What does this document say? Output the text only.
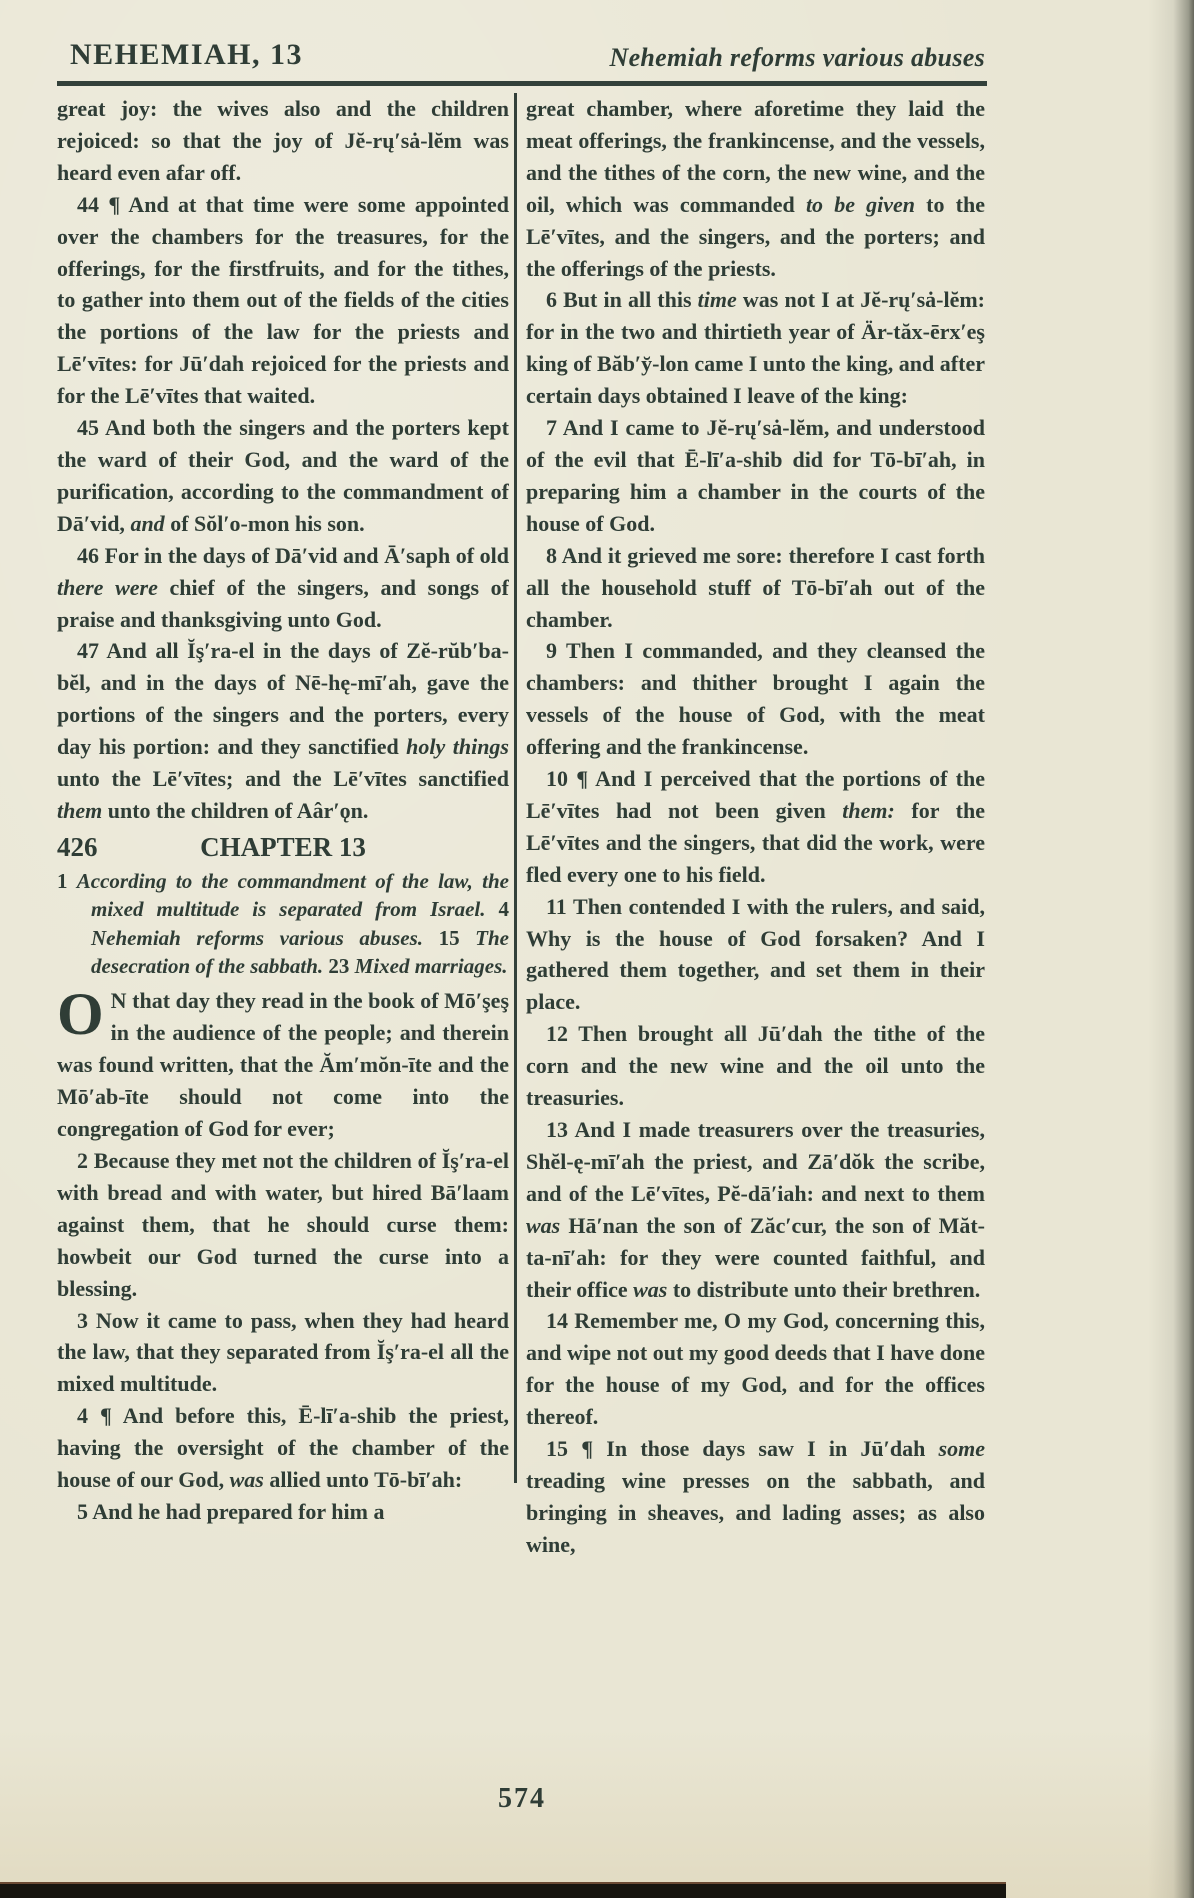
NEHEMIAH, 13	Nehemiah reforms various abuses

great joy: the wives also and the children rejoiced: so that the joy of Jĕ-rų′sȧ-lĕm was heard even afar off.

44 ¶ And at that time were some appointed over the chambers for the treasures, for the offerings, for the firstfruits, and for the tithes, to gather into them out of the fields of the cities the portions of the law for the priests and Lē′vītes: for Jū′dah rejoiced for the priests and for the Lē′vītes that waited.

45 And both the singers and the porters kept the ward of their God, and the ward of the purification, according to the commandment of Dā′vid, and of Sŏl′o-mon his son.

46 For in the days of Dā′vid and Ā′saph of old there were chief of the singers, and songs of praise and thanksgiving unto God.

47 And all Ĭş′ra-el in the days of Zĕ-rŭb′ba-bĕl, and in the days of Nē-hę-mī′ah, gave the portions of the singers and the porters, every day his portion: and they sanctified holy things unto the Lē′vītes; and the Lē′vītes sanctified them unto the children of Aâr′ǫn.

426	CHAPTER 13

1 According to the commandment of the law, the mixed multitude is separated from Israel. 4 Nehemiah reforms various abuses. 15 The desecration of the sabbath. 23 Mixed marriages.

O N that day they read in the book of Mō′şeş in the audience of the people; and therein was found written, that the Ăm′mŏn-īte and the Mō′ab-īte should not come into the congregation of God for ever;

2 Because they met not the children of Ĭş′ra-el with bread and with water, but hired Bā′laam against them, that he should curse them: howbeit our God turned the curse into a blessing.

3 Now it came to pass, when they had heard the law, that they separated from Ĭş′ra-el all the mixed multitude.

4 ¶ And before this, Ē-lī′a-shib the priest, having the oversight of the chamber of the house of our God, was allied unto Tō-bī′ah:

5 And he had prepared for him a

great chamber, where aforetime they laid the meat offerings, the frankincense, and the vessels, and the tithes of the corn, the new wine, and the oil, which was commanded to be given to the Lē′vītes, and the singers, and the porters; and the offerings of the priests.

6 But in all this time was not I at Jĕ-rų′sȧ-lĕm: for in the two and thirtieth year of Är-tăx-ērx′eş king of Băb′y̆-lon came I unto the king, and after certain days obtained I leave of the king:

7 And I came to Jĕ-rų′sȧ-lĕm, and understood of the evil that Ē-lī′a-shib did for Tō-bī′ah, in preparing him a chamber in the courts of the house of God.

8 And it grieved me sore: therefore I cast forth all the household stuff of Tō-bī′ah out of the chamber.

9 Then I commanded, and they cleansed the chambers: and thither brought I again the vessels of the house of God, with the meat offering and the frankincense.

10 ¶ And I perceived that the portions of the Lē′vītes had not been given them: for the Lē′vītes and the singers, that did the work, were fled every one to his field.

11 Then contended I with the rulers, and said, Why is the house of God forsaken? And I gathered them together, and set them in their place.

12 Then brought all Jū′dah the tithe of the corn and the new wine and the oil unto the treasuries.

13 And I made treasurers over the treasuries, Shĕl-ę-mī′ah the priest, and Zā′dŏk the scribe, and of the Lē′vītes, Pĕ-dā′iah: and next to them was Hā′nan the son of Zăc′cur, the son of Măt-ta-nī′ah: for they were counted faithful, and their office was to distribute unto their brethren.

14 Remember me, O my God, concerning this, and wipe not out my good deeds that I have done for the house of my God, and for the offices thereof.

15 ¶ In those days saw I in Jū′dah some treading wine presses on the sabbath, and bringing in sheaves, and lading asses; as also wine,

574
